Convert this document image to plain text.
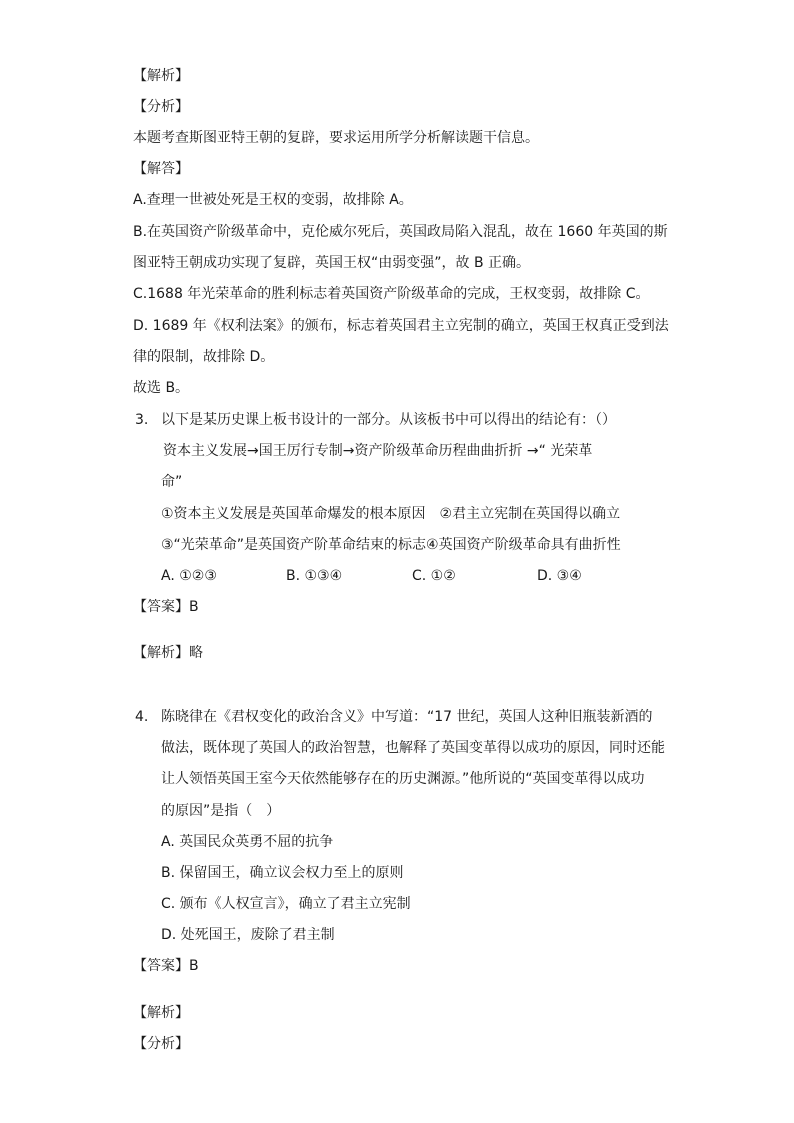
【解析】
【分析】
本题考查斯图亚特王朝的复辟，要求运用所学分析解读题干信息。
【解答】
A.查理一世被处死是王权的变弱，故排除 A。
B.在英国资产阶级革命中，克伦威尔死后，英国政局陷入混乱，故在 1660 年英国的斯
图亚特王朝成功实现了复辟，英国王权“由弱变强”，故 B 正确。
C.1688 年光荣革命的胜利标志着英国资产阶级革命的完成，王权变弱，故排除 C。
D. 1689 年《权利法案》的颁布，标志着英国君主立宪制的确立，英国王权真正受到法
律的限制，故排除 D。
故选 B。
3. 以下是某历史课上板书设计的一部分。从该板书中可以得出的结论有：（）
资本主义发展→国王厉行专制→资产阶级革命历程曲曲折折 →“ 光荣革
命”
①资本主义发展是英国革命爆发的根本原因　②君主立宪制在英国得以确立
③“光荣革命”是英国资产阶革命结束的标志④英国资产阶级革命具有曲折性
A. ①②③	B. ①③④	C. ①②	D. ③④
【答案】B
【解析】略
4. 陈晓律在《君权变化的政治含义》中写道：“17 世纪，英国人这种旧瓶装新酒的
做法，既体现了英国人的政治智慧，也解释了英国变革得以成功的原因，同时还能
让人领悟英国王室今天依然能够存在的历史渊源。”他所说的“英国变革得以成功
的原因”是指（　）
A. 英国民众英勇不屈的抗争
B. 保留国王，确立议会权力至上的原则
C. 颁布《人权宣言》，确立了君主立宪制
D. 处死国王，废除了君主制
【答案】B
【解析】
【分析】
